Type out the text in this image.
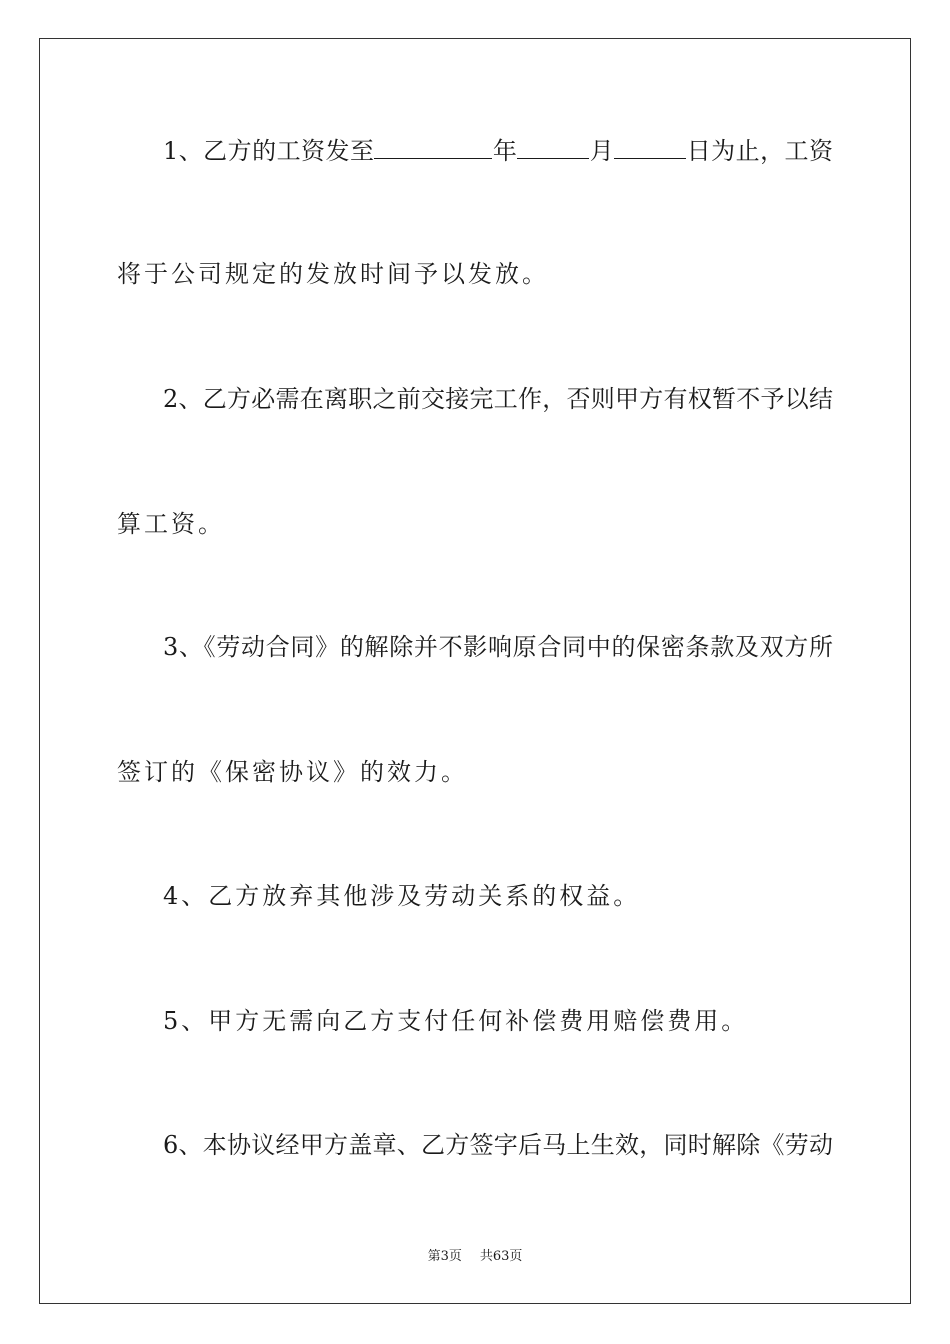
1、乙方的工资发至	年	月	日为止，工资
将于公司规定的发放时间予以发放。
2、乙方必需在离职之前交接完工作，否则甲方有权暂不予以结
算工资。
3、《劳动合同》的解除并不影响原合同中的保密条款及双方所
签订的《保密协议》的效力。
4、乙方放弃其他涉及劳动关系的权益。
5、甲方无需向乙方支付任何补偿费用赔偿费用。
6、本协议经甲方盖章、乙方签字后马上生效，同时解除《劳动
第3页 共63页
